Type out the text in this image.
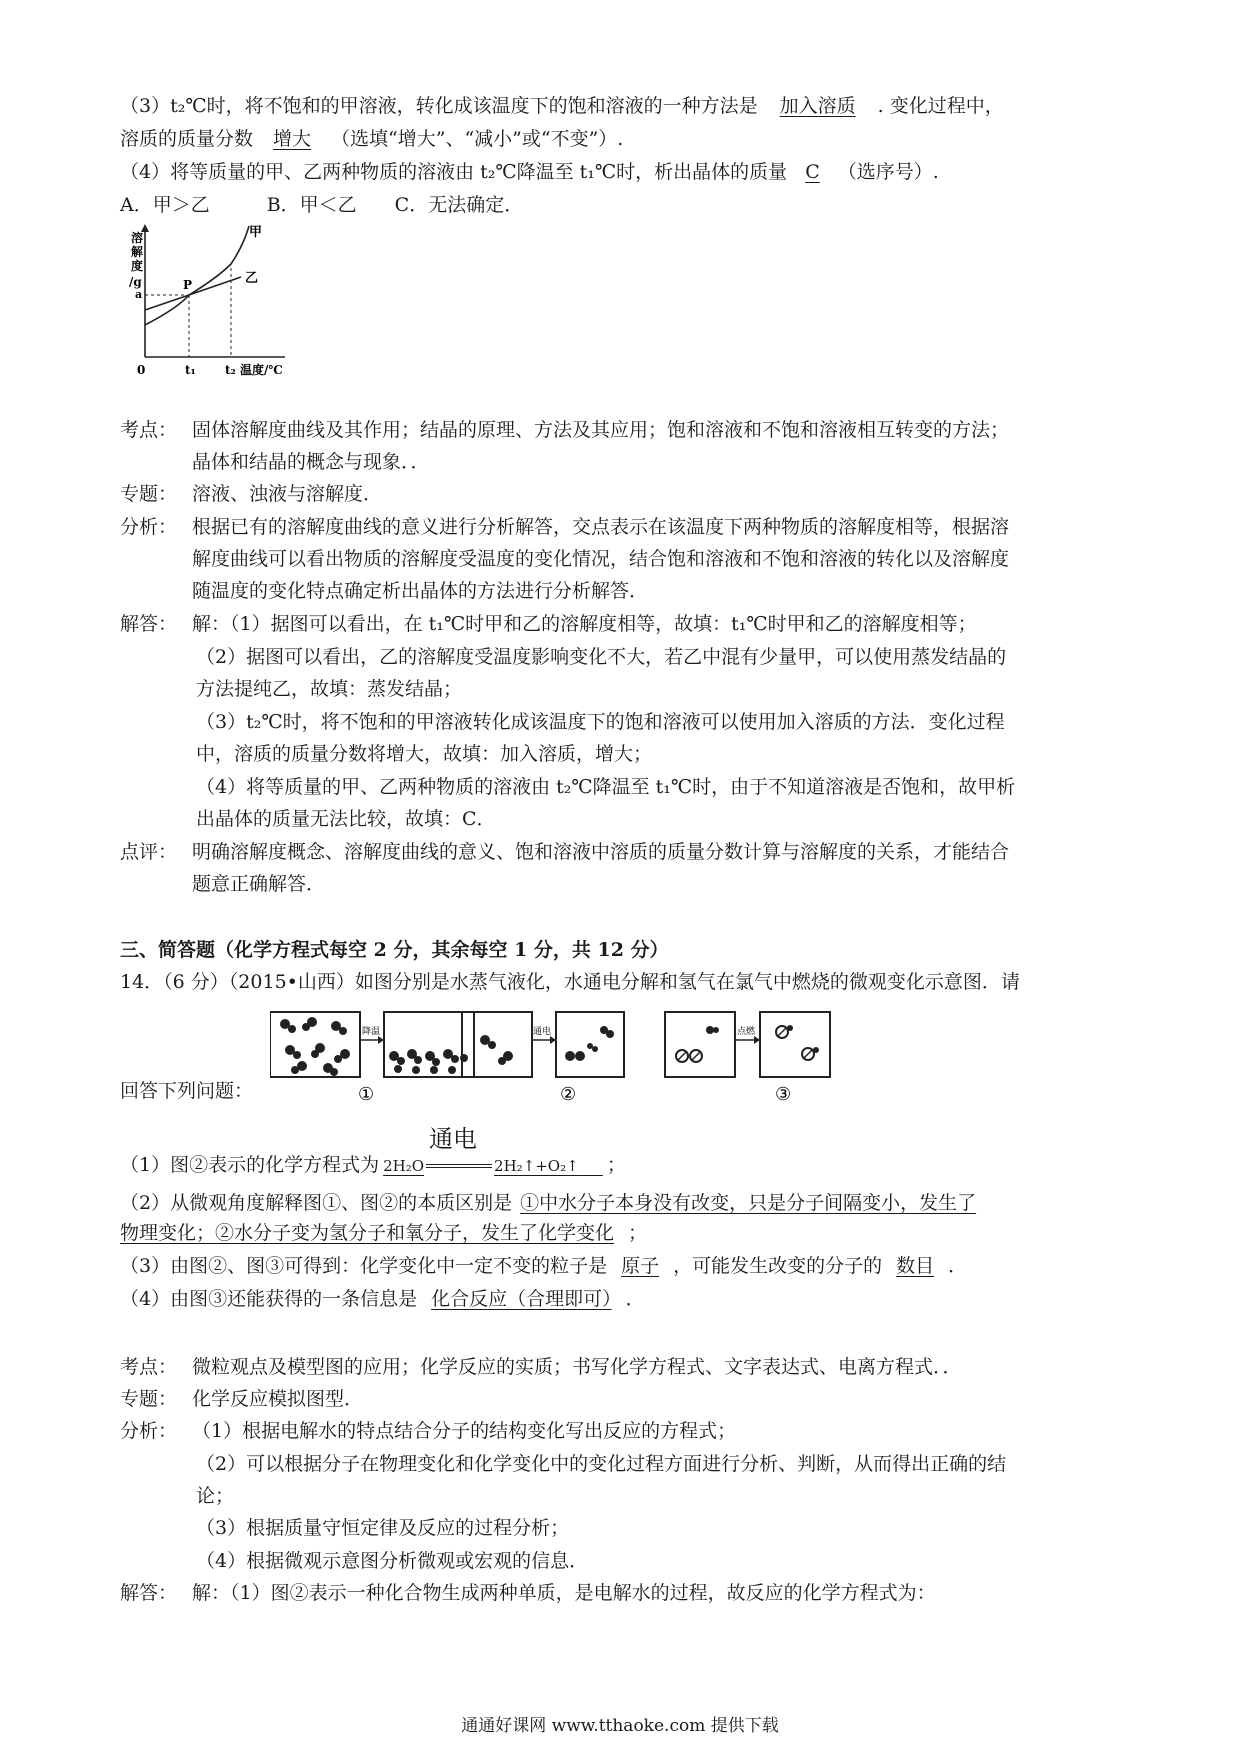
（3）t₂℃时，将不饱和的甲溶液，转化成该温度下的饱和溶液的一种方法是 加入溶质 . 变化过程中，
溶质的质量分数 增大 （选填“增大”、“减小”或“不变”）.
（4）将等质量的甲、乙两种物质的溶液由 t₂℃降温至 t₁℃时，析出晶体的质量 C （选序号）.
A．甲＞乙　　　B．甲＜乙　　C．无法确定．
溶
解
度
/g
a
P
甲
乙
0	t₁ t₂ 温度/℃
考点： 固体溶解度曲线及其作用；结晶的原理、方法及其应用；饱和溶液和不饱和溶液相互转变的方法；
晶体和结晶的概念与现象．．
专题： 溶液、浊液与溶解度．
分析： 根据已有的溶解度曲线的意义进行分析解答，交点表示在该温度下两种物质的溶解度相等，根据溶
解度曲线可以看出物质的溶解度受温度的变化情况，结合饱和溶液和不饱和溶液的转化以及溶解度
随温度的变化特点确定析出晶体的方法进行分析解答．
解答： 解：（1）据图可以看出，在 t₁℃时甲和乙的溶解度相等，故填：t₁℃时甲和乙的溶解度相等；
（2）据图可以看出，乙的溶解度受温度影响变化不大，若乙中混有少量甲，可以使用蒸发结晶的
方法提纯乙，故填：蒸发结晶；
（3）t₂℃时，将不饱和的甲溶液转化成该温度下的饱和溶液可以使用加入溶质的方法．变化过程
中，溶质的质量分数将增大，故填：加入溶质，增大；
（4）将等质量的甲、乙两种物质的溶液由 t₂℃降温至 t₁℃时，由于不知道溶液是否饱和，故甲析
出晶体的质量无法比较，故填：C．
点评： 明确溶解度概念、溶解度曲线的意义、饱和溶液中溶质的质量分数计算与溶解度的关系，才能结合
题意正确解答．
三、简答题（化学方程式每空 2 分，其余每空 1 分，共 12 分）
14．（6 分）（2015•山西）如图分别是水蒸气液化，水通电分解和氢气在氯气中燃烧的微观变化示意图．请
降温
①
通电
②
点燃
③
回答下列问题：
（1）图②表示的化学方程式为 2H₂O
通电
2H₂↑+O₂↑ ；
（2）从微观角度解释图①、图②的本质区别是 ①中水分子本身没有改变，只是分子间隔变小，发生了
物理变化；②水分子变为氢分子和氧分子，发生了化学变化 ；
（3）由图②、图③可得到：化学变化中一定不变的粒子是 原子 ，可能发生改变的分子的 数目 ．
（4）由图③还能获得的一条信息是 化合反应（合理即可） ．
考点： 微粒观点及模型图的应用；化学反应的实质；书写化学方程式、文字表达式、电离方程式．．
专题： 化学反应模拟图型．
分析： （1）根据电解水的特点结合分子的结构变化写出反应的方程式；
（2）可以根据分子在物理变化和化学变化中的变化过程方面进行分析、判断，从而得出正确的结
论；
（3）根据质量守恒定律及反应的过程分析；
（4）根据微观示意图分析微观或宏观的信息．
解答： 解：（1）图②表示一种化合物生成两种单质，是电解水的过程，故反应的化学方程式为：
通通好课网 www.tthaoke.com 提供下载
